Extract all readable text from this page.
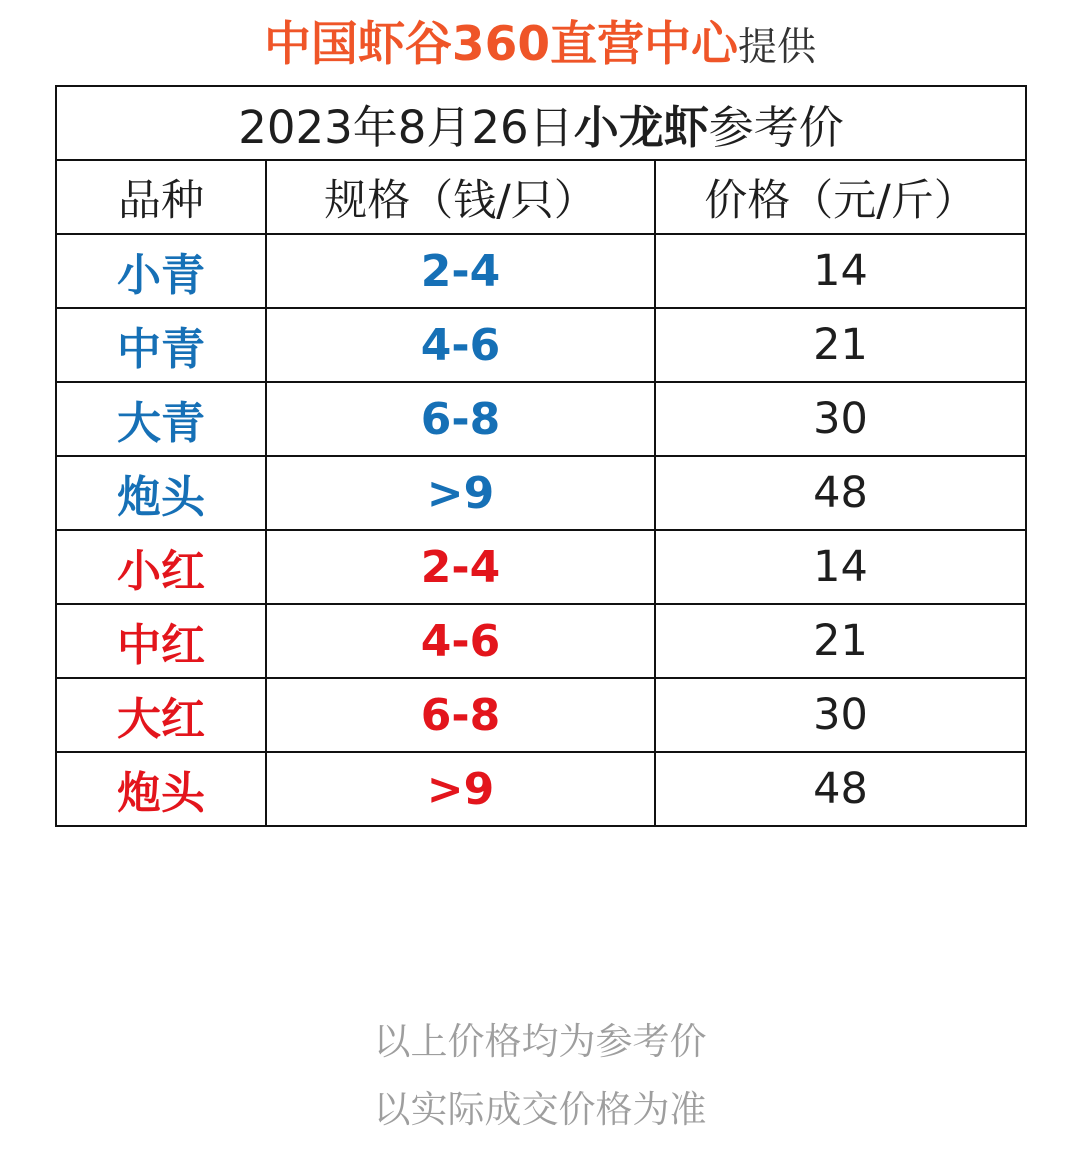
中国虾谷360直营中心提供
2023年8月26日小龙虾参考价		
品种	规格（钱/只）	价格（元/斤）
小青	2-4	14
中青	4-6	21
大青	6-8	30
炮头	>9	48
小红	2-4	14
中红	4-6	21
大红	6-8	30
炮头	>9	48
以上价格均为参考价
以实际成交价格为准
